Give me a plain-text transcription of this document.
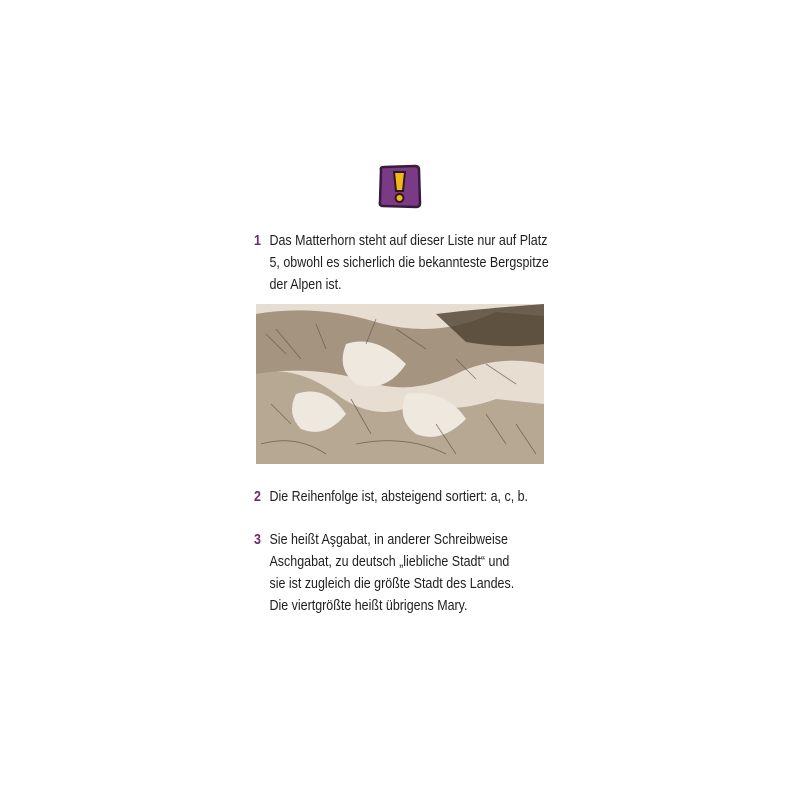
1 Das Matterhorn steht auf dieser Liste nur auf Platz
5, obwohl es sicherlich die bekannteste Bergspitze
der Alpen ist.
2 Die Reihenfolge ist, absteigend sortiert: a, c, b.
3 Sie heißt Aşgabat, in anderer Schreibweise
Aschgabat, zu deutsch „liebliche Stadt“ und
sie ist zugleich die größte Stadt des Landes.
Die viertgrößte heißt übrigens Mary.
